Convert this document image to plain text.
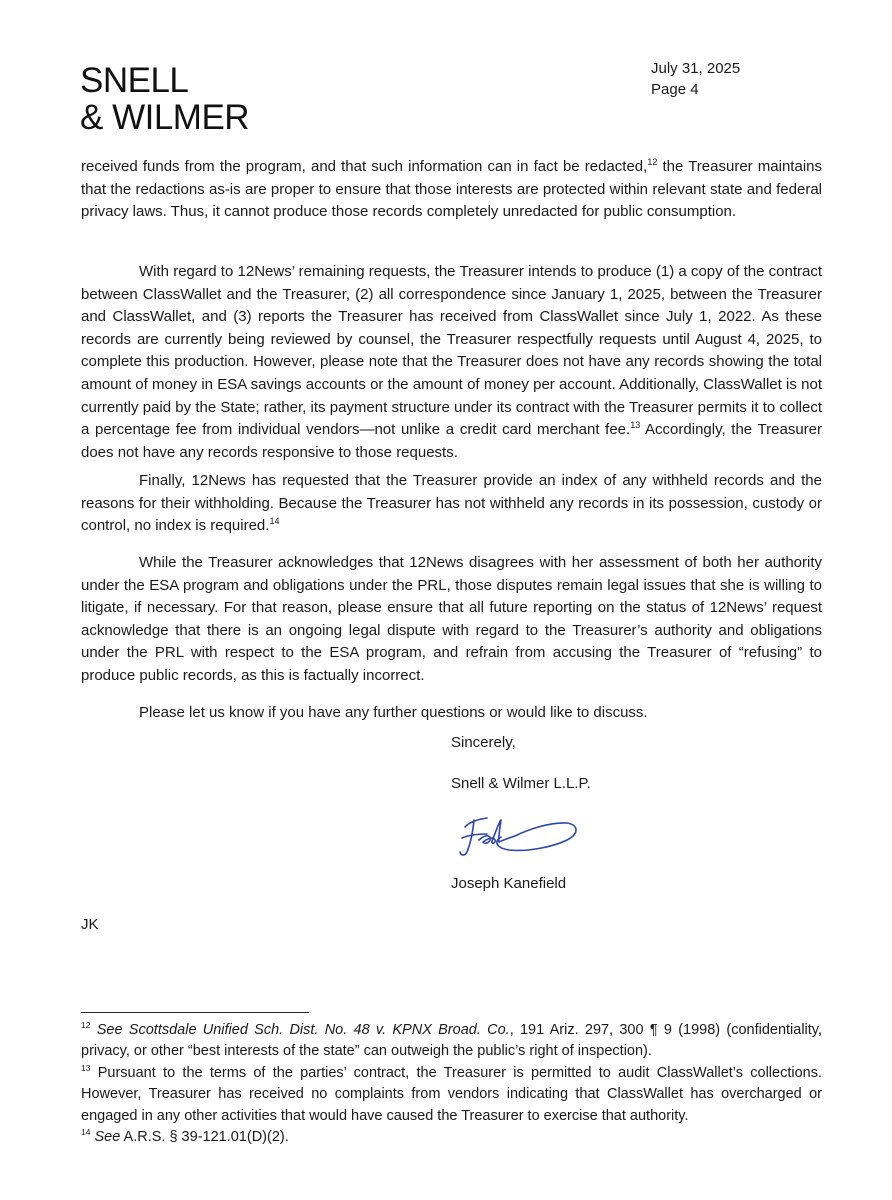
SNELL
& WILMER
July 31, 2025
Page 4

received funds from the program, and that such information can in fact be redacted,$^{12}$ the Treasurer maintains that the redactions as-is are proper to ensure that those interests are protected within relevant state and federal privacy laws. Thus, it cannot produce those records completely unredacted for public consumption.

With regard to 12News’ remaining requests, the Treasurer intends to produce (1) a copy of the contract between ClassWallet and the Treasurer, (2) all correspondence since January 1, 2025, between the Treasurer and ClassWallet, and (3) reports the Treasurer has received from ClassWallet since July 1, 2022. As these records are currently being reviewed by counsel, the Treasurer respectfully requests until August 4, 2025, to complete this production. However, please note that the Treasurer does not have any records showing the total amount of money in ESA savings accounts or the amount of money per account. Additionally, ClassWallet is not currently paid by the State; rather, its payment structure under its contract with the Treasurer permits it to collect a percentage fee from individual vendors—not unlike a credit card merchant fee.$^{13}$ Accordingly, the Treasurer does not have any records responsive to those requests.

Finally, 12News has requested that the Treasurer provide an index of any withheld records and the reasons for their withholding. Because the Treasurer has not withheld any records in its possession, custody or control, no index is required.$^{14}$

While the Treasurer acknowledges that 12News disagrees with her assessment of both her authority under the ESA program and obligations under the PRL, those disputes remain legal issues that she is willing to litigate, if necessary. For that reason, please ensure that all future reporting on the status of 12News’ request acknowledge that there is an ongoing legal dispute with regard to the Treasurer’s authority and obligations under the PRL with respect to the ESA program, and refrain from accusing the Treasurer of “refusing” to produce public records, as this is factually incorrect.

Please let us know if you have any further questions or would like to discuss.

Sincerely,
Snell & Wilmer L.L.P.
Joseph Kanefield
JK

$^{12}$ See Scottsdale Unified Sch. Dist. No. 48 v. KPNX Broad. Co., 191 Ariz. 297, 300 ¶ 9 (1998) (confidentiality, privacy, or other “best interests of the state” can outweigh the public’s right of inspection).

$^{13}$ Pursuant to the terms of the parties’ contract, the Treasurer is permitted to audit ClassWallet’s collections. However, Treasurer has received no complaints from vendors indicating that ClassWallet has overcharged or engaged in any other activities that would have caused the Treasurer to exercise that authority.

$^{14}$ See A.R.S. § 39-121.01(D)(2).
